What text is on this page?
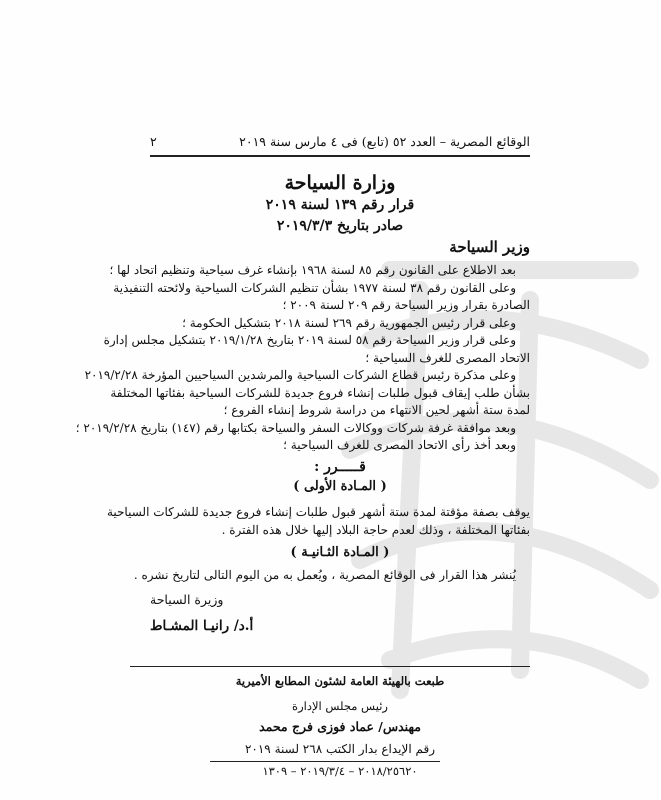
٢	الوقائع المصرية – العدد ٥٢ (تابع) فى ٤ مارس سنة ٢٠١٩
وزارة السياحة
قرار رقم ١٣٩ لسنة ٢٠١٩
صادر بتاريخ ٢٠١٩/٣/٣
وزير السياحة
بعد الاطلاع على القانون رقم ٨٥ لسنة ١٩٦٨ بإنشاء غرف سياحية وتنظيم اتحاد لها ؛
وعلى القانون رقم ٣٨ لسنة ١٩٧٧ بشأن تنظيم الشركات السياحية ولائحته التنفيذية
الصادرة بقرار وزير السياحة رقم ٢٠٩ لسنة ٢٠٠٩ ؛
وعلى قرار رئيس الجمهورية رقم ٢٦٩ لسنة ٢٠١٨ بتشكيل الحكومة ؛
وعلى قرار وزير السياحة رقم ٥٨ لسنة ٢٠١٩ بتاريخ ٢٠١٩/١/٢٨ بتشكيل مجلس إدارة
الاتحاد المصرى للغرف السياحية ؛
وعلى مذكرة رئيس قطاع الشركات السياحية والمرشدين السياحيين المؤرخة ٢٠١٩/٢/٢٨
بشأن طلب إيقاف قبول طلبات إنشاء فروع جديدة للشركات السياحية بفئاتها المختلفة
لمدة ستة أشهر لحين الانتهاء من دراسة شروط إنشاء الفروع ؛
وبعد موافقة غرفة شركات ووكالات السفر والسياحة بكتابها رقم (١٤٧) بتاريخ ٢٠١٩/٢/٢٨ ؛
وبعد أخذ رأى الاتحاد المصرى للغرف السياحية ؛
قـــــرر :
( المـادة الأولى )
يوقف بصفة مؤقتة لمدة ستة أشهر قبول طلبات إنشاء فروع جديدة للشركات السياحية
بفئاتها المختلفة ، وذلك لعدم حاجة البلاد إليها خلال هذه الفترة .
( المـادة الثـانيـة )
يُنشر هذا القرار فى الوقائع المصرية ، ويُعمل به من اليوم التالى لتاريخ نشره .
وزيرة السياحة
أ.د/ رانيـا المشـاط
طبعت بالهيئة العامة لشئون المطابع الأميرية
رئيس مجلس الإدارة
مهندس/ عماد فوزى فرج محمد
رقم الإيداع بدار الكتب ٢٦٨ لسنة ٢٠١٩
٢٠١٨/٢٥٦٢٠ – ٢٠١٩/٣/٤ – ١٣٠٩
